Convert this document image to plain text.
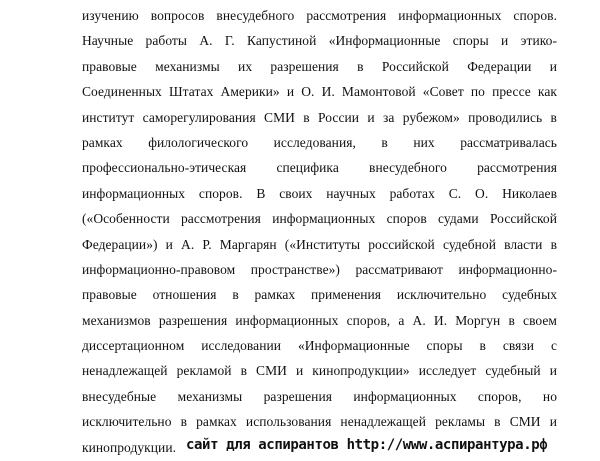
изучению вопросов внесудебного рассмотрения информационных споров.
Научные работы А. Г. Капустиной «Информационные споры и этико-
правовые механизмы их разрешения в Российской Федерации и
Соединенных Штатах Америки» и О. И. Мамонтовой «Совет по прессе как
институт саморегулирования СМИ в России и за рубежом» проводились в
рамках филологического исследования, в них рассматривалась
профессионально-этическая специфика внесудебного рассмотрения
информационных споров. В своих научных работах С. О. Николаев
(«Особенности рассмотрения информационных споров судами Российской
Федерации») и А. Р. Маргарян («Институты российской судебной власти в
информационно-правовом пространстве») рассматривают информационно-
правовые отношения в рамках применения исключительно судебных
механизмов разрешения информационных споров, а А. И. Моргун в своем
диссертационном исследовании «Информационные споры в связи с
ненадлежащей рекламой в СМИ и кинопродукции» исследует судебный и
внесудебные механизмы разрешения информационных споров, но
исключительно в рамках использования ненадлежащей рекламы в СМИ и
кинопродукции. сайт для аспирантов http://www.аспирантура.рф
